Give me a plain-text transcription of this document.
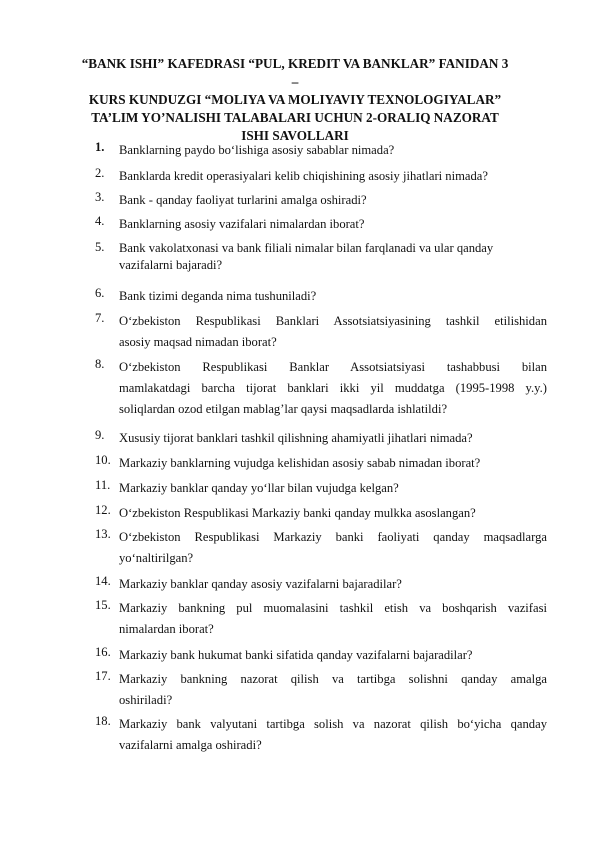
“BANK ISHI” KAFEDRASI “PUL, KREDIT VA BANKLAR” FANIDAN 3 –
KURS KUNDUZGI “MOLIYA VA MOLIYAVIY TEXNOLOGIYALAR”
TA’LIM YO’NALISHI TALABALARI UCHUN 2-ORALIQ NAZORAT
ISHI SAVOLLARI
1. Banklarning paydo bo‘lishiga asosiy sabablar nimada?
2. Banklarda kredit operasiyalari kelib chiqishining asosiy jihatlari nimada?
3. Bank - qanday faoliyat turlarini amalga oshiradi?
4. Banklarning asosiy vazifalari nimalardan iborat?
5. Bank vakolatxonasi va bank filiali nimalar bilan farqlanadi va ular qanday
vazifalarni bajaradi?
6. Bank tizimi deganda nima tushuniladi?
7. O‘zbekiston Respublikasi Banklari Assotsiatsiyasining tashkil etilishidan
asosiy maqsad nimadan iborat?
8. O‘zbekiston Respublikasi Banklar Assotsiatsiyasi tashabbusi bilan
mamlakatdagi barcha tijorat banklari ikki yil muddatga (1995-1998 y.y.)
soliqlardan ozod etilgan mablag’lar qaysi maqsadlarda ishlatildi?
9. Xususiy tijorat banklari tashkil qilishning ahamiyatli jihatlari nimada?
10. Markaziy banklarning vujudga kelishidan asosiy sabab nimadan iborat?
11. Markaziy banklar qanday yo‘llar bilan vujudga kelgan?
12. O‘zbekiston Respublikasi Markaziy banki qanday mulkka asoslangan?
13. O‘zbekiston Respublikasi Markaziy banki faoliyati qanday maqsadlarga
yo‘naltirilgan?
14. Markaziy banklar qanday asosiy vazifalarni bajaradilar?
15. Markaziy bankning pul muomalasini tashkil etish va boshqarish vazifasi
nimalardan iborat?
16. Markaziy bank hukumat banki sifatida qanday vazifalarni bajaradilar?
17. Markaziy bankning nazorat qilish va tartibga solishni qanday amalga
oshiriladi?
18. Markaziy bank valyutani tartibga solish va nazorat qilish bo‘yicha qanday
vazifalarni amalga oshiradi?
